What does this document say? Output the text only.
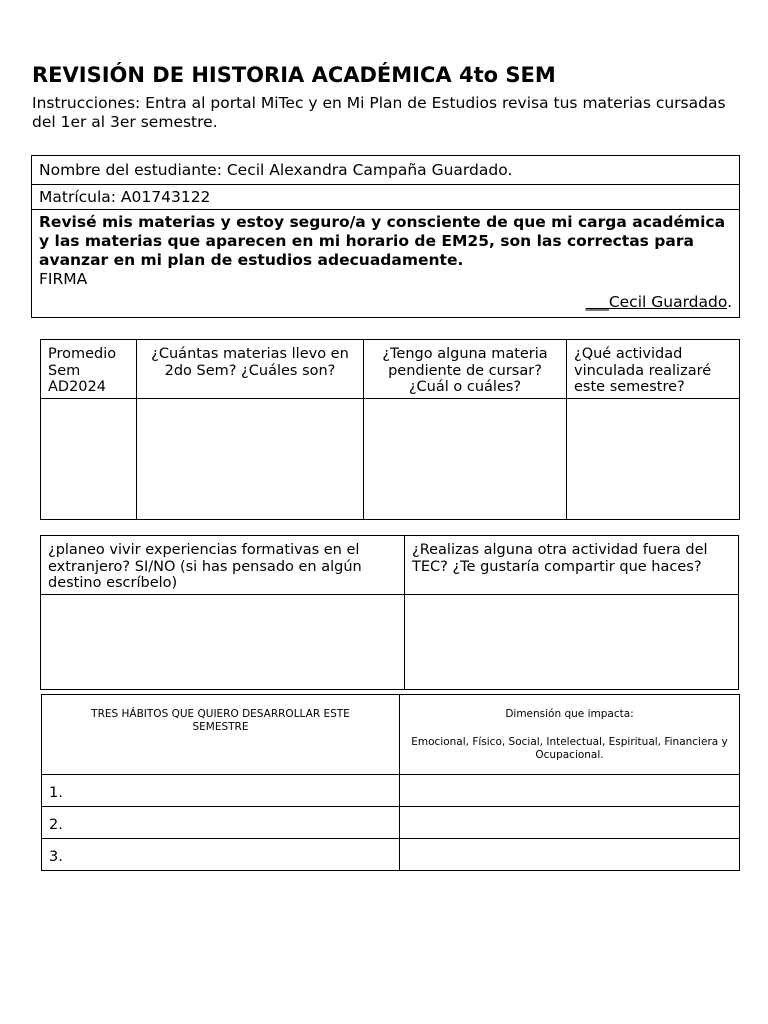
REVISIÓN DE HISTORIA ACADÉMICA 4to SEM

Instrucciones: Entra al portal MiTec y en Mi Plan de Estudios revisa tus materias cursadas del 1er al 3er semestre.

Nombre del estudiante: Cecil Alexandra Campaña Guardado.
Matrícula: A01743122

Revisé mis materias y estoy seguro/a y consciente de que mi carga académica y las materias que aparecen en mi horario de EM25, son las correctas para avanzar en mi plan de estudios adecuadamente.
FIRMA
___Cecil Guardado.
Promedio Sem AD2024	¿Cuántas materias llevo en 2do Sem? ¿Cuáles son?	¿Tengo alguna materia pendiente de cursar? ¿Cuál o cuáles?	¿Qué actividad vinculada realizaré este semestre?

¿planeo vivir experiencias formativas en el extranjero? SI/NO (si has pensado en algún destino escríbelo)	¿Realizas alguna otra actividad fuera del TEC? ¿Te gustaría compartir que haces?

TRES HÁBITOS QUE QUIERO DESARROLLAR ESTE SEMESTRE	Dimensión que impacta:
Emocional, Físico, Social, Intelectual, Espiritual, Financiera y Ocupacional.
1.	
2.	
3.	
